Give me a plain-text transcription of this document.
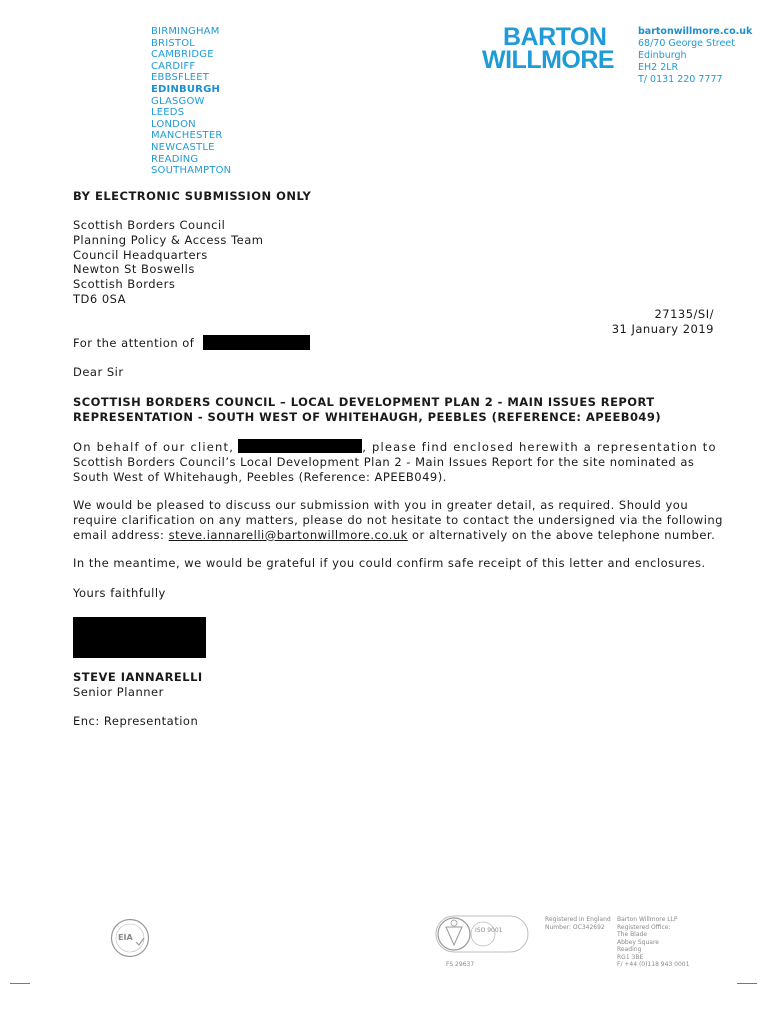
BIRMINGHAM
BRISTOL
CAMBRIDGE
CARDIFF
EBBSFLEET
EDINBURGH
GLASGOW
LEEDS
LONDON
MANCHESTER
NEWCASTLE
READING
SOUTHAMPTON
BARTON
WILLMORE
bartonwillmore.co.uk
68/70 George Street
Edinburgh
EH2 2LR
T/ 0131 220 7777
BY ELECTRONIC SUBMISSION ONLY
Scottish Borders Council
Planning Policy & Access Team
Council Headquarters
Newton St Boswells
Scottish Borders
TD6 0SA
27135/SI/
31 January 2019
For the attention of
Dear Sir
SCOTTISH BORDERS COUNCIL – LOCAL DEVELOPMENT PLAN 2 - MAIN ISSUES REPORT
REPRESENTATION - SOUTH WEST OF WHITEHAUGH, PEEBLES (REFERENCE: APEEB049)
On behalf of our client,	, please find enclosed herewith a representation to
Scottish Borders Council’s Local Development Plan 2 - Main Issues Report for the site nominated as
South West of Whitehaugh, Peebles (Reference: APEEB049).
We would be pleased to discuss our submission with you in greater detail, as required. Should you
require clarification on any matters, please do not hesitate to contact the undersigned via the following
email address: steve.iannarelli@bartonwillmore.co.uk or alternatively on the above telephone number.
In the meantime, we would be grateful if you could confirm safe receipt of this letter and enclosures.
Yours faithfully
STEVE IANNARELLI
Senior Planner
Enc: Representation
EIA
ISO 9001
FS 29637
Registered in England
Number: OC342692
Barton Willmore LLP
Registered Office:
The Blade
Abbey Square
Reading
RG1 3BE
F/ +44 (0)118 943 0001
